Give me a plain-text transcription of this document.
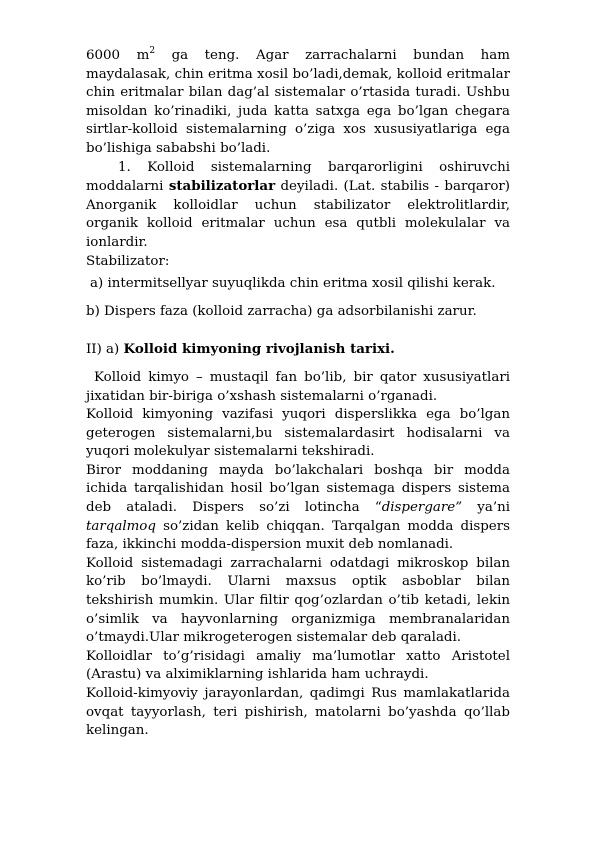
6000 $m^2$ ga teng. Agar zarrachalarni bundan ham maydalasak, chin eritma xosil bo’ladi,demak, kolloid eritmalar chin eritmalar bilan dag’al sistemalar o’rtasida turadi. Ushbu misoldan ko’rinadiki, juda katta satxga ega bo’lgan chegara sirtlar-kolloid sistemalarning o’ziga xos xususiyatlariga ega bo’lishiga sababshi bo’ladi.

1. Kolloid sistemalarning barqarorligini oshiruvchi moddalarni stabilizatorlar deyiladi. (Lat. stabilis - barqaror) Anorganik kolloidlar uchun stabilizator elektrolitlardir, organik kolloid eritmalar uchun esa qutbli molekulalar va ionlardir.

Stabilizator:

a) intermitsellyar suyuqlikda chin eritma xosil qilishi kerak.

b) Dispers faza (kolloid zarracha) ga adsorbilanishi zarur.

II) a) Kolloid kimyoning rivojlanish tarixi.

Kolloid kimyo – mustaqil fan bo’lib, bir qator xususiyatlari jixatidan bir-biriga o’xshash sistemalarni o’rganadi.

Kolloid kimyoning vazifasi yuqori disperslikka ega bo’lgan geterogen sistemalarni,bu sistemalardasirt hodisalarni va yuqori molekulyar sistemalarni tekshiradi.

Biror moddaning mayda bo’lakchalari boshqa bir modda ichida tarqalishidan hosil bo’lgan sistemaga dispers sistema deb ataladi. Dispers so’zi lotincha “dispergare” ya’ni tarqalmoq so’zidan kelib chiqqan. Tarqalgan modda dispers faza, ikkinchi modda-dispersion muxit deb nomlanadi.

Kolloid sistemadagi zarrachalarni odatdagi mikroskop bilan ko’rib bo’lmaydi. Ularni maxsus optik asboblar bilan tekshirish mumkin. Ular filtir qog’ozlardan o’tib ketadi, lekin o’simlik va hayvonlarning organizmiga membranalaridan o’tmaydi.Ular mikrogeterogen sistemalar deb qaraladi.

Kolloidlar to’g’risidagi amaliy ma’lumotlar xatto Aristotel (Arastu) va alximiklarning ishlarida ham uchraydi.

Kolloid-kimyoviy jarayonlardan, qadimgi Rus mamlakatlarida ovqat tayyorlash, teri pishirish, matolarni bo’yashda qo’llab kelingan.
